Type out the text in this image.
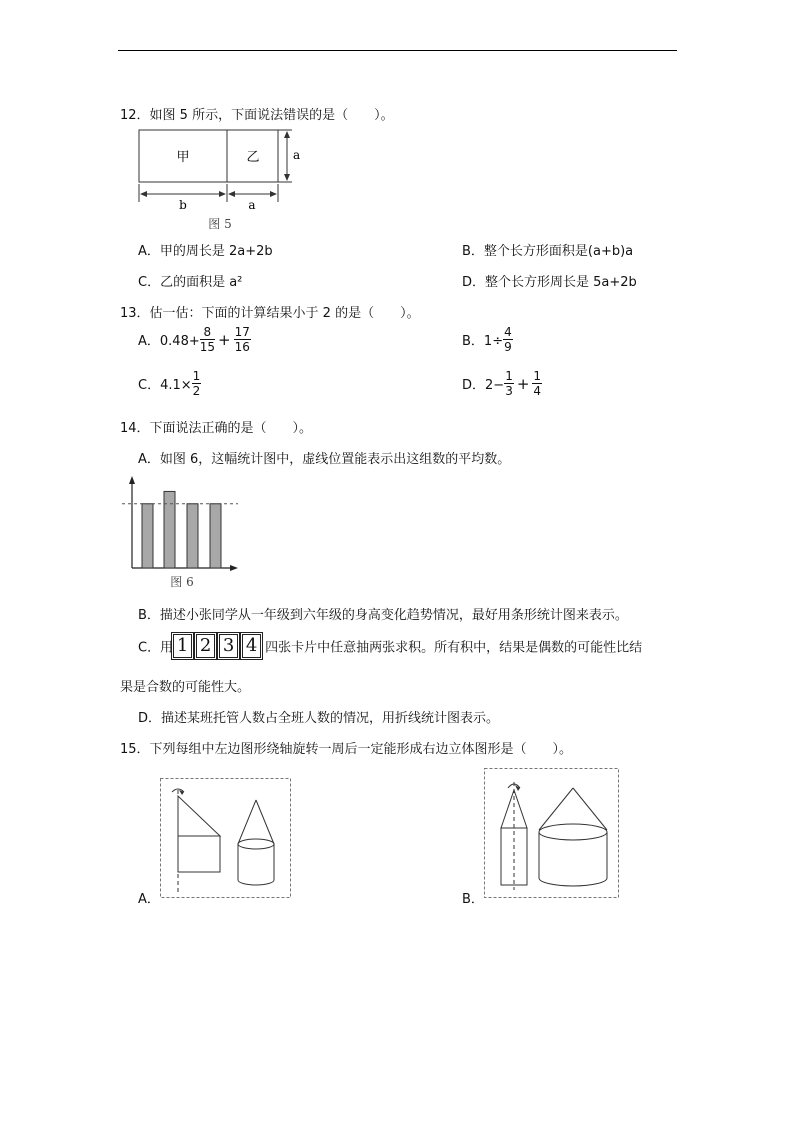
12．如图 5 所示，下面说法错误的是（　　）。
甲	乙	a
b	a
图 5
A．甲的周长是 2a+2b	B．整个长方形面积是(a+b)a
C．乙的面积是 a²	D．整个长方形周长是 5a+2b
13．估一估：下面的计算结果小于 2 的是（　　）。
A．$0.48+ \frac{8}{15} + \frac{17}{16}$	B．$1\div \frac{4}{9}$
C．$4.1\times \frac{1}{2}$	D．$2- \frac{1}{3} + \frac{1}{4}$
14．下面说法正确的是（　　）。
A．如图 6，这幅统计图中，虚线位置能表示出这组数的平均数。
图 6
B．描述小张同学从一年级到六年级的身高变化趋势情况，最好用条形统计图来表示。
C．用 1 2 3 4 四张卡片中任意抽两张求积。所有积中，结果是偶数的可能性比结
果是合数的可能性大。
D．描述某班托管人数占全班人数的情况，用折线统计图表示。
15．下列每组中左边图形绕轴旋转一周后一定能形成右边立体图形是（　　）。
A．	B．
